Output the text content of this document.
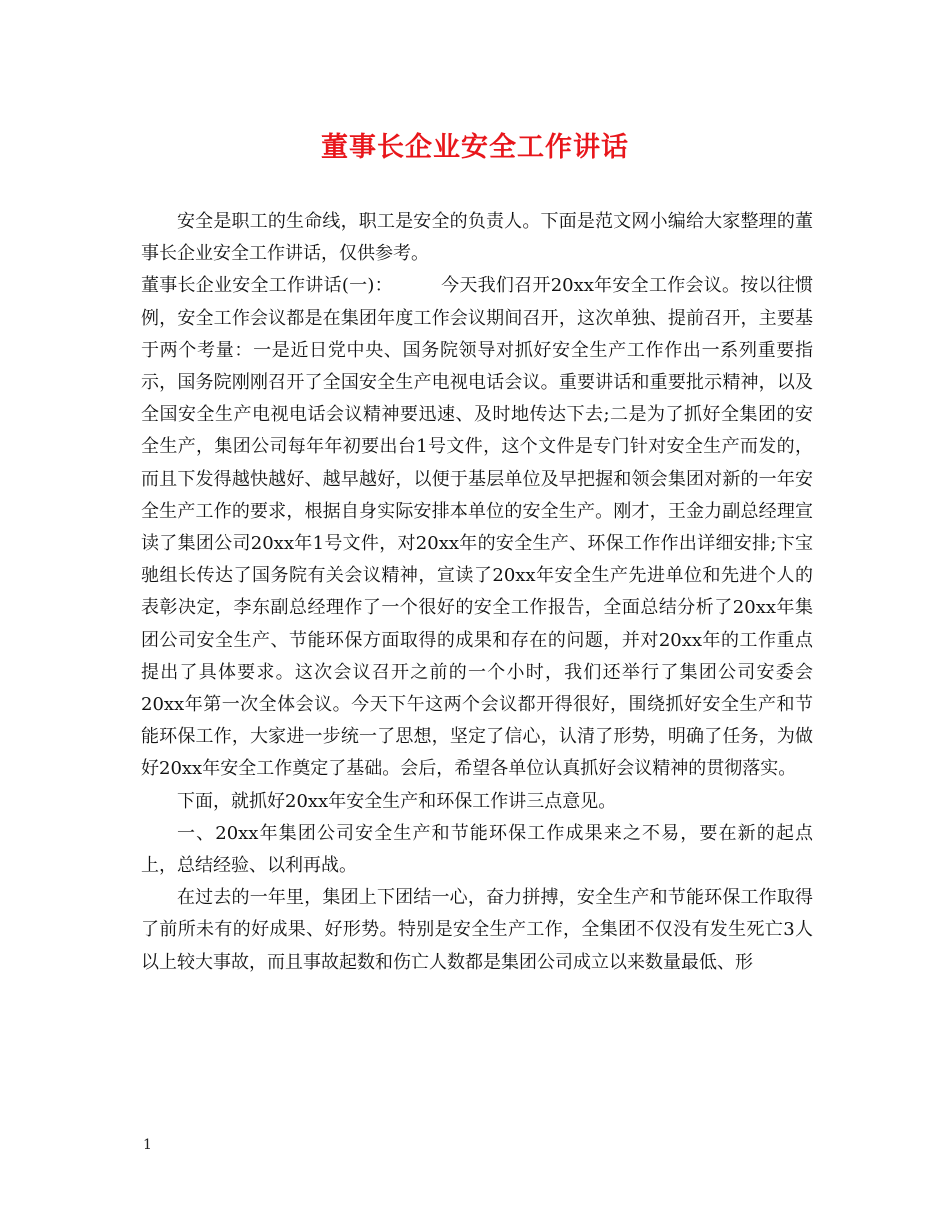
董事长企业安全工作讲话

安全是职工的生命线，职工是安全的负责人。下面是范文网小编给大家整理的董事长企业安全工作讲话，仅供参考。

董事长企业安全工作讲话(一)：	今天我们召开20xx年安全工作会议。按以往惯例，安全工作会议都是在集团年度工作会议期间召开，这次单独、提前召开，主要基于两个考量：一是近日党中央、国务院领导对抓好安全生产工作作出一系列重要指示，国务院刚刚召开了全国安全生产电视电话会议。重要讲话和重要批示精神，以及全国安全生产电视电话会议精神要迅速、及时地传达下去;二是为了抓好全集团的安全生产，集团公司每年年初要出台1号文件，这个文件是专门针对安全生产而发的，而且下发得越快越好、越早越好，以便于基层单位及早把握和领会集团对新的一年安全生产工作的要求，根据自身实际安排本单位的安全生产。刚才，王金力副总经理宣读了集团公司20xx年1号文件，对20xx年的安全生产、环保工作作出详细安排;卞宝驰组长传达了国务院有关会议精神，宣读了20xx年安全生产先进单位和先进个人的表彰决定，李东副总经理作了一个很好的安全工作报告，全面总结分析了20xx年集团公司安全生产、节能环保方面取得的成果和存在的问题，并对20xx年的工作重点提出了具体要求。这次会议召开之前的一个小时，我们还举行了集团公司安委会20xx年第一次全体会议。今天下午这两个会议都开得很好，围绕抓好安全生产和节能环保工作，大家进一步统一了思想，坚定了信心，认清了形势，明确了任务，为做好20xx年安全工作奠定了基础。会后，希望各单位认真抓好会议精神的贯彻落实。

下面，就抓好20xx年安全生产和环保工作讲三点意见。

一、20xx年集团公司安全生产和节能环保工作成果来之不易，要在新的起点上，总结经验、以利再战。

在过去的一年里，集团上下团结一心，奋力拼搏，安全生产和节能环保工作取得了前所未有的好成果、好形势。特别是安全生产工作，全集团不仅没有发生死亡3人以上较大事故，而且事故起数和伤亡人数都是集团公司成立以来数量最低、形

1
